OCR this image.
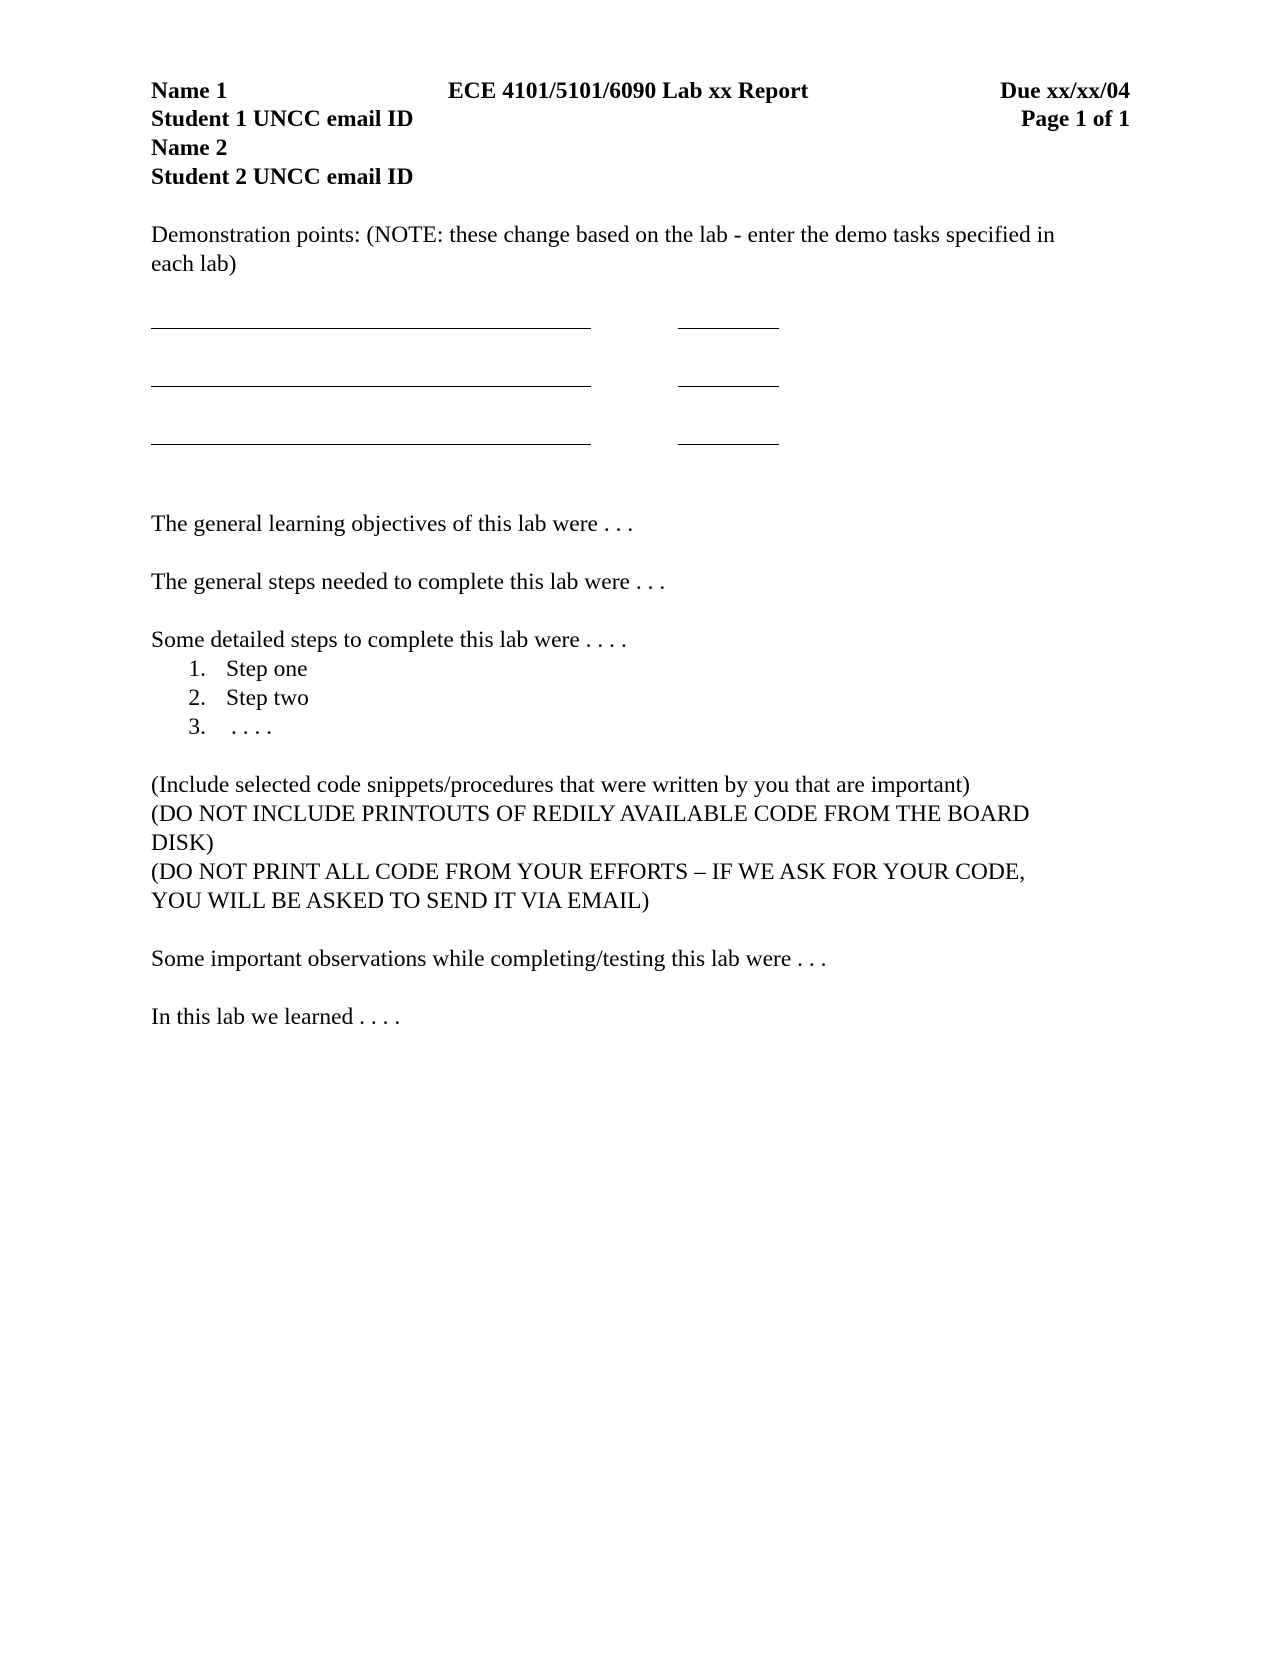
Name 1	ECE 4101/5101/6090 Lab xx Report	Due xx/xx/04
Student 1 UNCC email ID	Page 1 of 1
Name 2
Student 2 UNCC email ID
Demonstration points: (NOTE: these change based on the lab - enter the demo tasks specified in
each lab)
The general learning objectives of this lab were . . .
The general steps needed to complete this lab were . . .
Some detailed steps to complete this lab were . . . .
1. Step one
2. Step two
3. . . . .
(Include selected code snippets/procedures that were written by you that are important)
(DO NOT INCLUDE PRINTOUTS OF REDILY AVAILABLE CODE FROM THE BOARD
DISK)
(DO NOT PRINT ALL CODE FROM YOUR EFFORTS – IF WE ASK FOR YOUR CODE,
YOU WILL BE ASKED TO SEND IT VIA EMAIL)
Some important observations while completing/testing this lab were . . .
In this lab we learned . . . .
